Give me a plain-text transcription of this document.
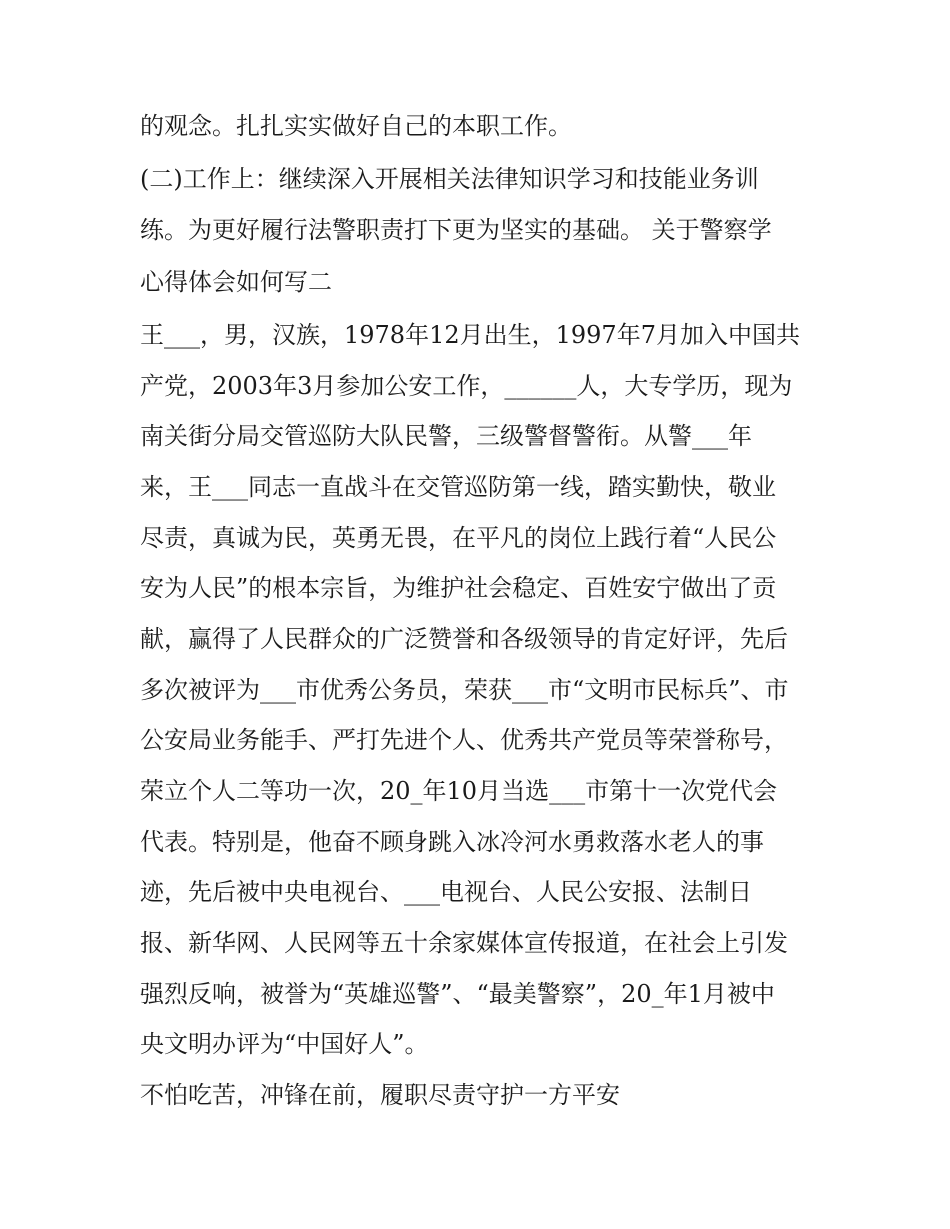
的观念。扎扎实实做好自己的本职工作。
(二)工作上：继续深入开展相关法律知识学习和技能业务训
练。为更好履行法警职责打下更为坚实的基础。 关于警察学
心得体会如何写二
王___，男，汉族，1978年12月出生，1997年7月加入中国共
产党，2003年3月参加公安工作，______人，大专学历，现为
南关街分局交管巡防大队民警，三级警督警衔。从警___年
来，王___同志一直战斗在交管巡防第一线，踏实勤快，敬业
尽责，真诚为民，英勇无畏，在平凡的岗位上践行着“人民公
安为人民”的根本宗旨，为维护社会稳定、百姓安宁做出了贡
献，赢得了人民群众的广泛赞誉和各级领导的肯定好评，先后
多次被评为___市优秀公务员，荣获___市“文明市民标兵”、市
公安局业务能手、严打先进个人、优秀共产党员等荣誉称号，
荣立个人二等功一次，20_年10月当选___市第十一次党代会
代表。特别是，他奋不顾身跳入冰冷河水勇救落水老人的事
迹，先后被中央电视台、___电视台、人民公安报、法制日
报、新华网、人民网等五十余家媒体宣传报道，在社会上引发
强烈反响，被誉为“英雄巡警”、“最美警察”，20_年1月被中
央文明办评为“中国好人”。
不怕吃苦，冲锋在前，履职尽责守护一方平安
